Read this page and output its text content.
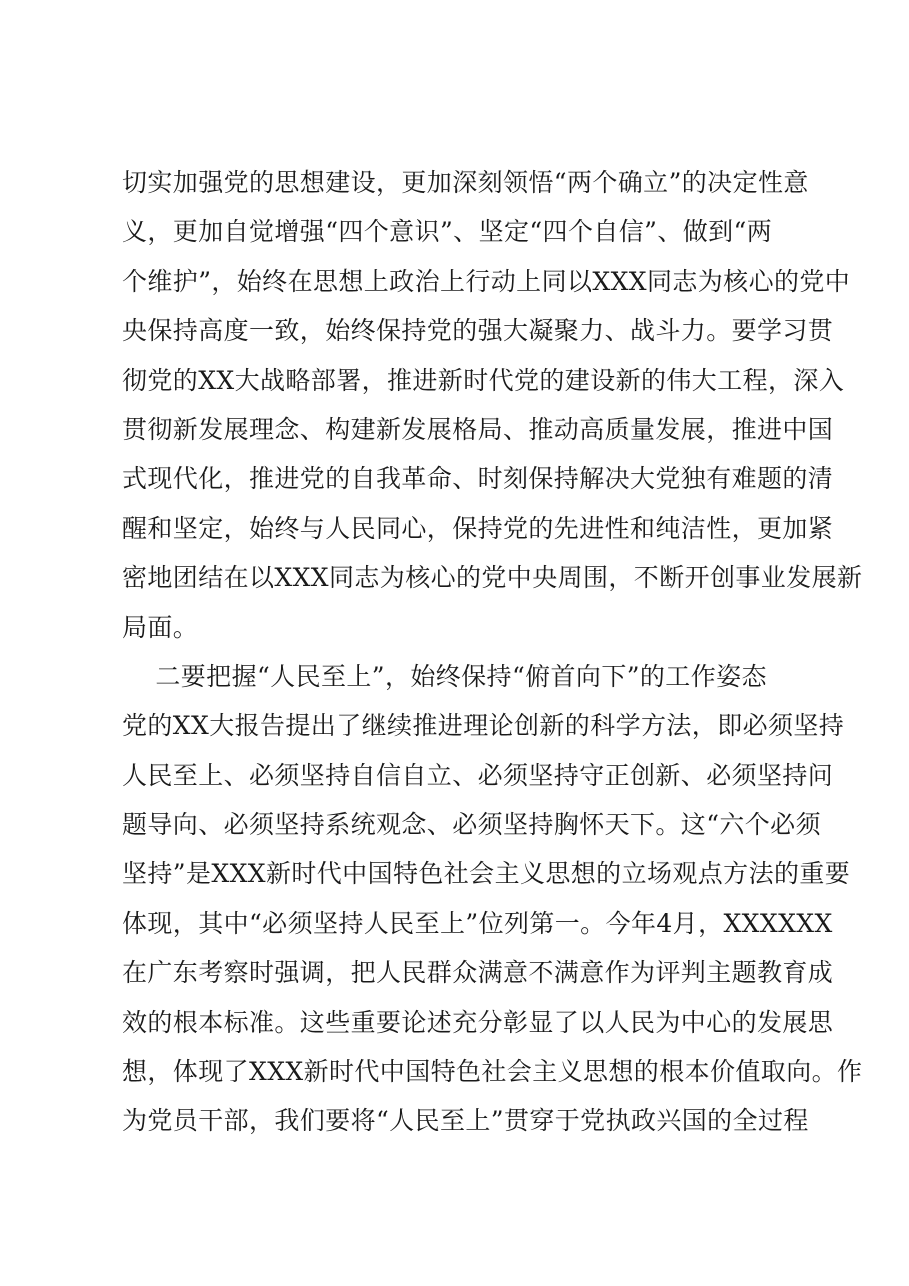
切实加强党的思想建设，更加深刻领悟“两个确立”的决定性意
义，更加自觉增强“四个意识”、坚定“四个自信”、做到“两
个维护”，始终在思想上政治上行动上同以XXX同志为核心的党中
央保持高度一致，始终保持党的强大凝聚力、战斗力。要学习贯
彻党的XX大战略部署，推进新时代党的建设新的伟大工程，深入
贯彻新发展理念、构建新发展格局、推动高质量发展，推进中国
式现代化，推进党的自我革命、时刻保持解决大党独有难题的清
醒和坚定，始终与人民同心，保持党的先进性和纯洁性，更加紧
密地团结在以XXX同志为核心的党中央周围，不断开创事业发展新
局面。
二要把握“人民至上”，始终保持“俯首向下”的工作姿态
党的XX大报告提出了继续推进理论创新的科学方法，即必须坚持
人民至上、必须坚持自信自立、必须坚持守正创新、必须坚持问
题导向、必须坚持系统观念、必须坚持胸怀天下。这“六个必须
坚持”是XXX新时代中国特色社会主义思想的立场观点方法的重要
体现，其中“必须坚持人民至上”位列第一。今年4月，XXXXXX
在广东考察时强调，把人民群众满意不满意作为评判主题教育成
效的根本标准。这些重要论述充分彰显了以人民为中心的发展思
想，体现了XXX新时代中国特色社会主义思想的根本价值取向。作
为党员干部，我们要将“人民至上”贯穿于党执政兴国的全过程
